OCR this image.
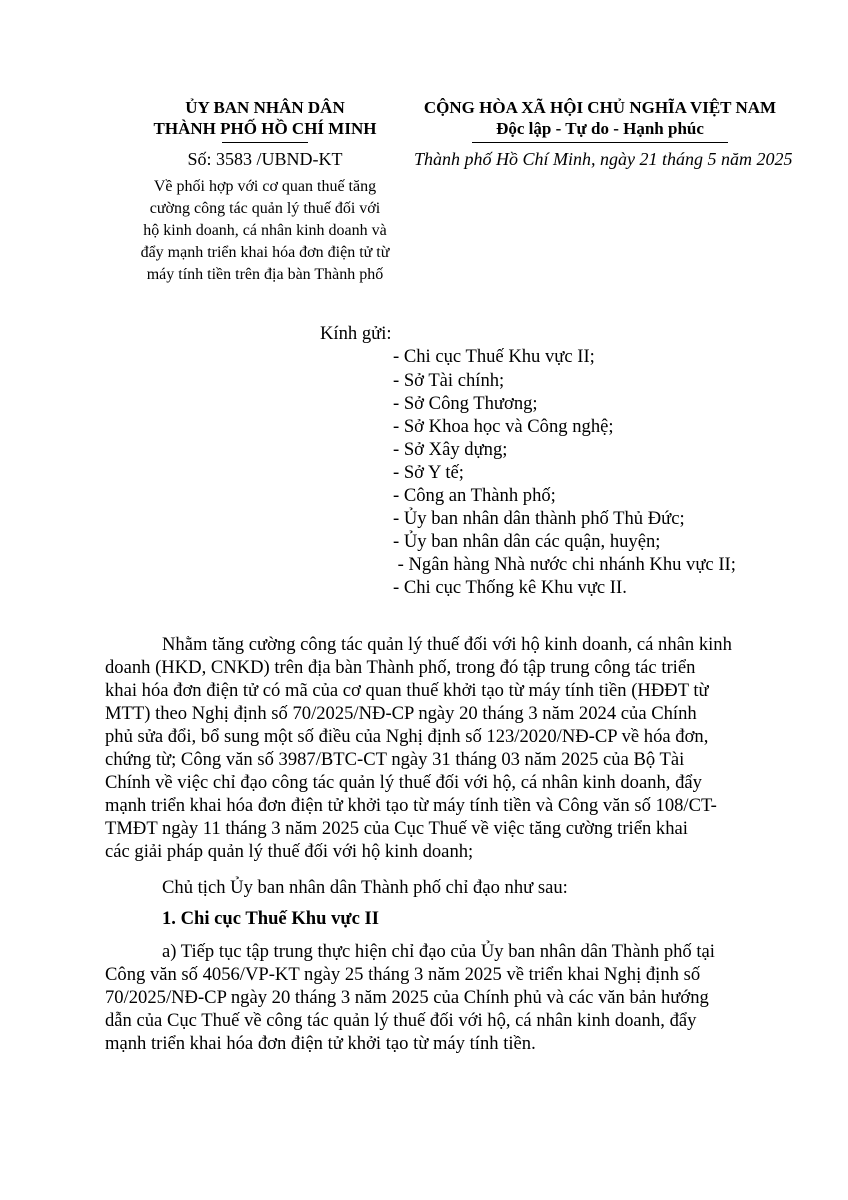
ỦY BAN NHÂN DÂN
THÀNH PHỐ HỒ CHÍ MINH
Số: 3583 /UBND-KT
Về phối hợp với cơ quan thuế tăng
cường công tác quản lý thuế đối với
hộ kinh doanh, cá nhân kinh doanh và
đẩy mạnh triển khai hóa đơn điện tử từ
máy tính tiền trên địa bàn Thành phố
CỘNG HÒA XÃ HỘI CHỦ NGHĨA VIỆT NAM
Độc lập - Tự do - Hạnh phúc
Thành phố Hồ Chí Minh, ngày 21 tháng 5 năm 2025
Kính gửi:
- Chi cục Thuế Khu vực II;
- Sở Tài chính;
- Sở Công Thương;
- Sở Khoa học và Công nghệ;
- Sở Xây dựng;
- Sở Y tế;
- Công an Thành phố;
- Ủy ban nhân dân thành phố Thủ Đức;
- Ủy ban nhân dân các quận, huyện;
- Ngân hàng Nhà nước chi nhánh Khu vực II;
- Chi cục Thống kê Khu vực II.
Nhằm tăng cường công tác quản lý thuế đối với hộ kinh doanh, cá nhân kinh
doanh (HKD, CNKD) trên địa bàn Thành phố, trong đó tập trung công tác triển
khai hóa đơn điện tử có mã của cơ quan thuế khởi tạo từ máy tính tiền (HĐĐT từ
MTT) theo Nghị định số 70/2025/NĐ-CP ngày 20 tháng 3 năm 2024 của Chính
phủ sửa đổi, bổ sung một số điều của Nghị định số 123/2020/NĐ-CP về hóa đơn,
chứng từ; Công văn số 3987/BTC-CT ngày 31 tháng 03 năm 2025 của Bộ Tài
Chính về việc chỉ đạo công tác quản lý thuế đối với hộ, cá nhân kinh doanh, đẩy
mạnh triển khai hóa đơn điện tử khởi tạo từ máy tính tiền và Công văn số 108/CT-
TMĐT ngày 11 tháng 3 năm 2025 của Cục Thuế về việc tăng cường triển khai
các giải pháp quản lý thuế đối với hộ kinh doanh;
Chủ tịch Ủy ban nhân dân Thành phố chỉ đạo như sau:
1. Chi cục Thuế Khu vực II
a) Tiếp tục tập trung thực hiện chỉ đạo của Ủy ban nhân dân Thành phố tại
Công văn số 4056/VP-KT ngày 25 tháng 3 năm 2025 về triển khai Nghị định số
70/2025/NĐ-CP ngày 20 tháng 3 năm 2025 của Chính phủ và các văn bản hướng
dẫn của Cục Thuế về công tác quản lý thuế đối với hộ, cá nhân kinh doanh, đẩy
mạnh triển khai hóa đơn điện tử khởi tạo từ máy tính tiền.
